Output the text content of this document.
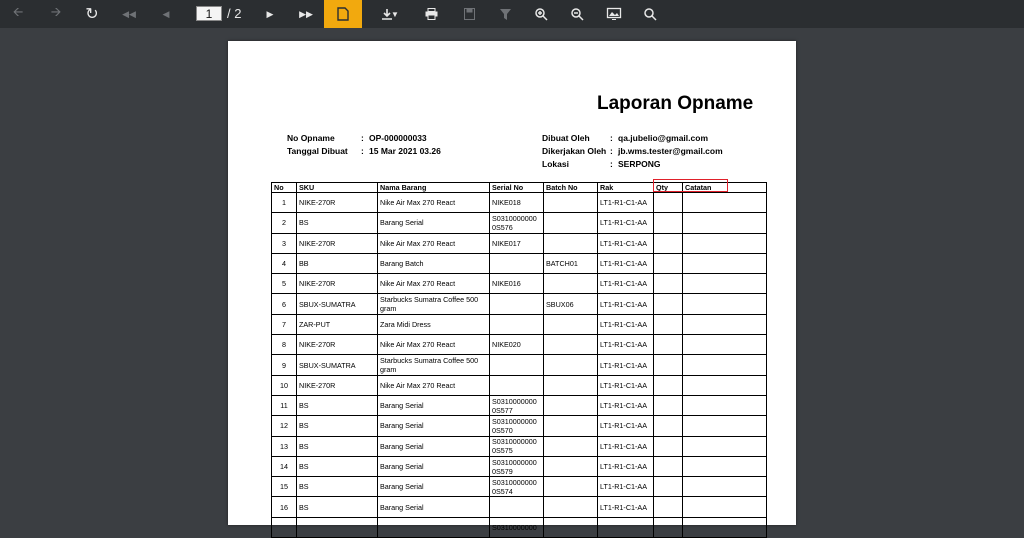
🡨 🡪 ↻	◀◀	◀	1	/ 2	▶	▶▶	▼
Laporan Opname
No Opname	: OP-000000033
Tanggal Dibuat : 15 Mar 2021 03.26
Dibuat Oleh : qa.jubelio@gmail.com
Dikerjakan Oleh : jb.wms.tester@gmail.com
Lokasi	: SERPONG
No	SKU	Nama Barang	Serial No	Batch No	Rak	Qty	Catatan
1	NIKE-270R	Nike Air Max 270 React	NIKE018		LT1-R1-C1-AA		
2	BS	Barang Serial	S0310000000 0S576		LT1-R1-C1-AA		
3	NIKE-270R	Nike Air Max 270 React	NIKE017		LT1-R1-C1-AA		
4	BB	Barang Batch		BATCH01	LT1-R1-C1-AA		
5	NIKE-270R	Nike Air Max 270 React	NIKE016		LT1-R1-C1-AA		
6	SBUX-SUMATRA	Starbucks Sumatra Coffee 500 gram		SBUX06	LT1-R1-C1-AA		
7	ZAR-PUT	Zara Midi Dress			LT1-R1-C1-AA		
8	NIKE-270R	Nike Air Max 270 React	NIKE020		LT1-R1-C1-AA		
9	SBUX-SUMATRA	Starbucks Sumatra Coffee 500 gram			LT1-R1-C1-AA		
10	NIKE-270R	Nike Air Max 270 React			LT1-R1-C1-AA		
11	BS	Barang Serial	S0310000000 0S577		LT1-R1-C1-AA		
12	BS	Barang Serial	S0310000000 0S570		LT1-R1-C1-AA		
13	BS	Barang Serial	S0310000000 0S575		LT1-R1-C1-AA		
14	BS	Barang Serial	S0310000000 0S579		LT1-R1-C1-AA		
15	BS	Barang Serial	S0310000000 0S574		LT1-R1-C1-AA		
16	BS	Barang Serial			LT1-R1-C1-AA		
			S0310000000				
